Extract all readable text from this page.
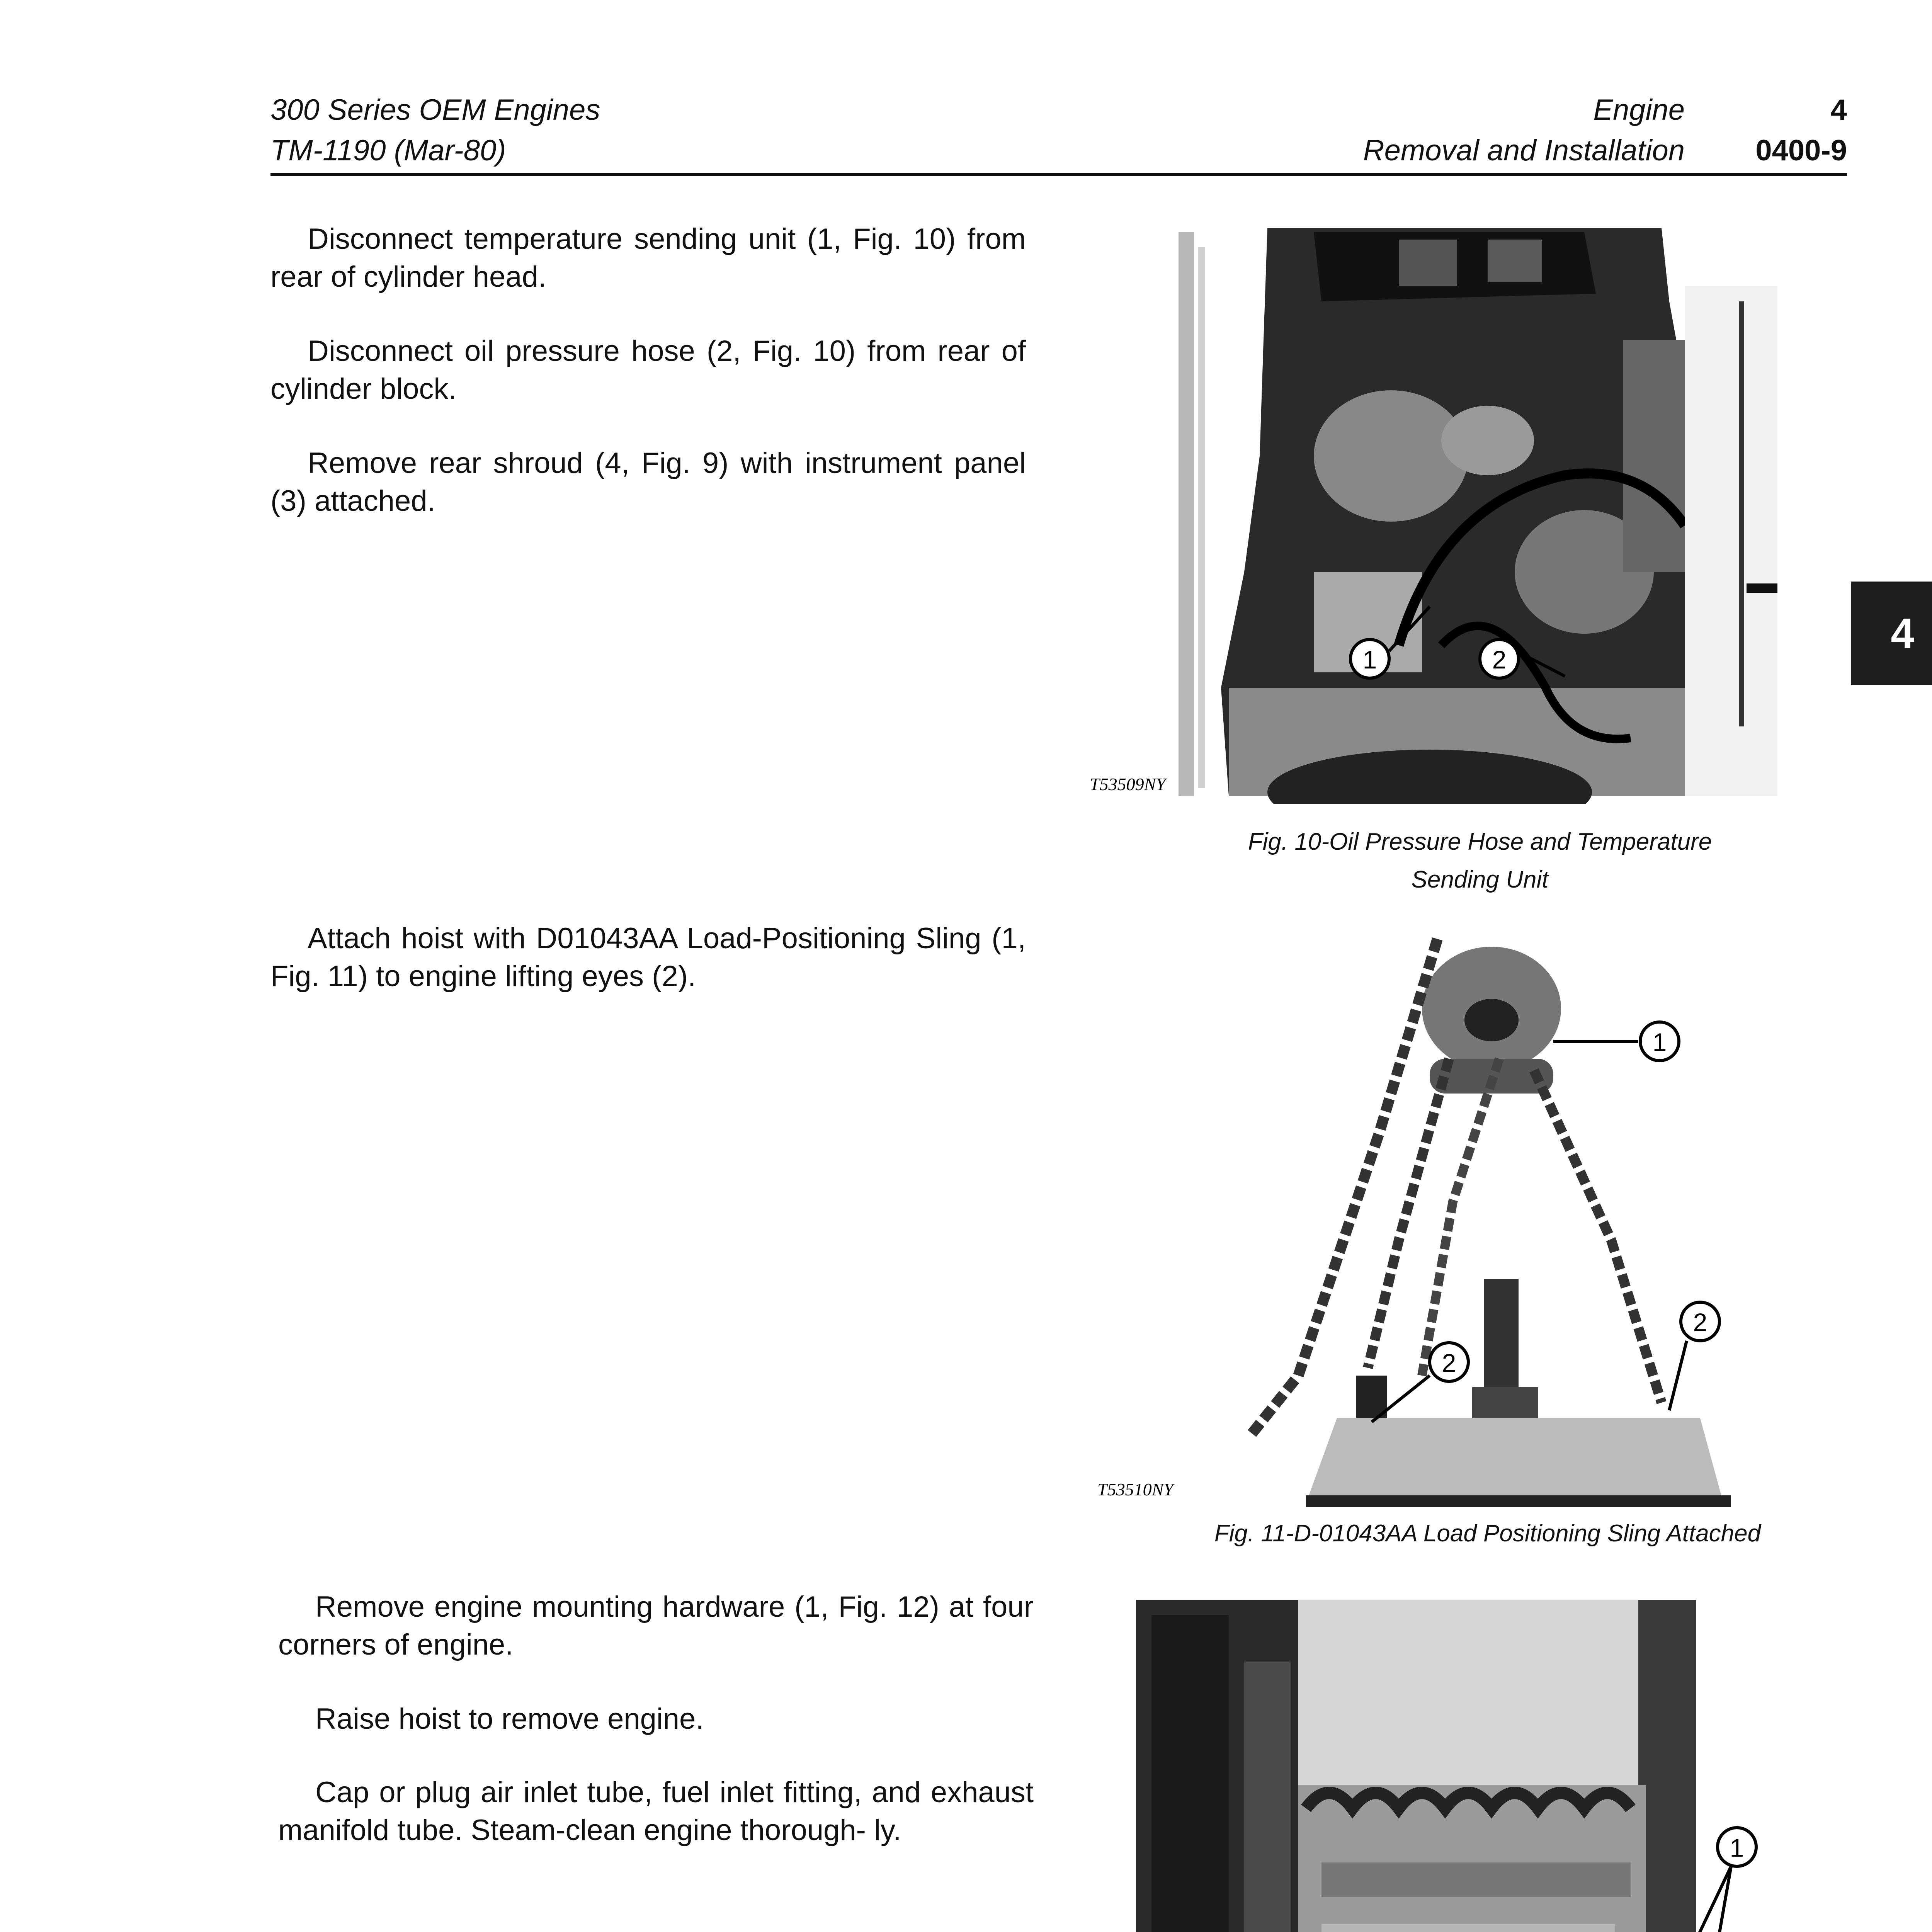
300 Series OEM Engines
TM-1190 (Mar-80)
Engine
Removal and Installation
4
0400-9
4

Disconnect temperature sending unit (1, Fig. 10) from rear of cylinder head.

Disconnect oil pressure hose (2, Fig. 10) from rear of cylinder block.

Remove rear shroud (4, Fig. 9) with instrument panel (3) attached.

1	2
T53509NY
Fig. 10-Oil Pressure Hose and Temperature
Sending Unit

Attach hoist with D01043AA Load-Positioning Sling (1, Fig. 11) to engine lifting eyes (2).

1
2
2
T53510NY
Fig. 11-D-01043AA Load Positioning Sling Attached

Remove engine mounting hardware (1, Fig. 12) at four corners of engine.

Raise hoist to remove engine.

Cap or plug air inlet tube, fuel inlet fitting, and exhaust manifold tube. Steam-clean engine thorough- ly.

1
